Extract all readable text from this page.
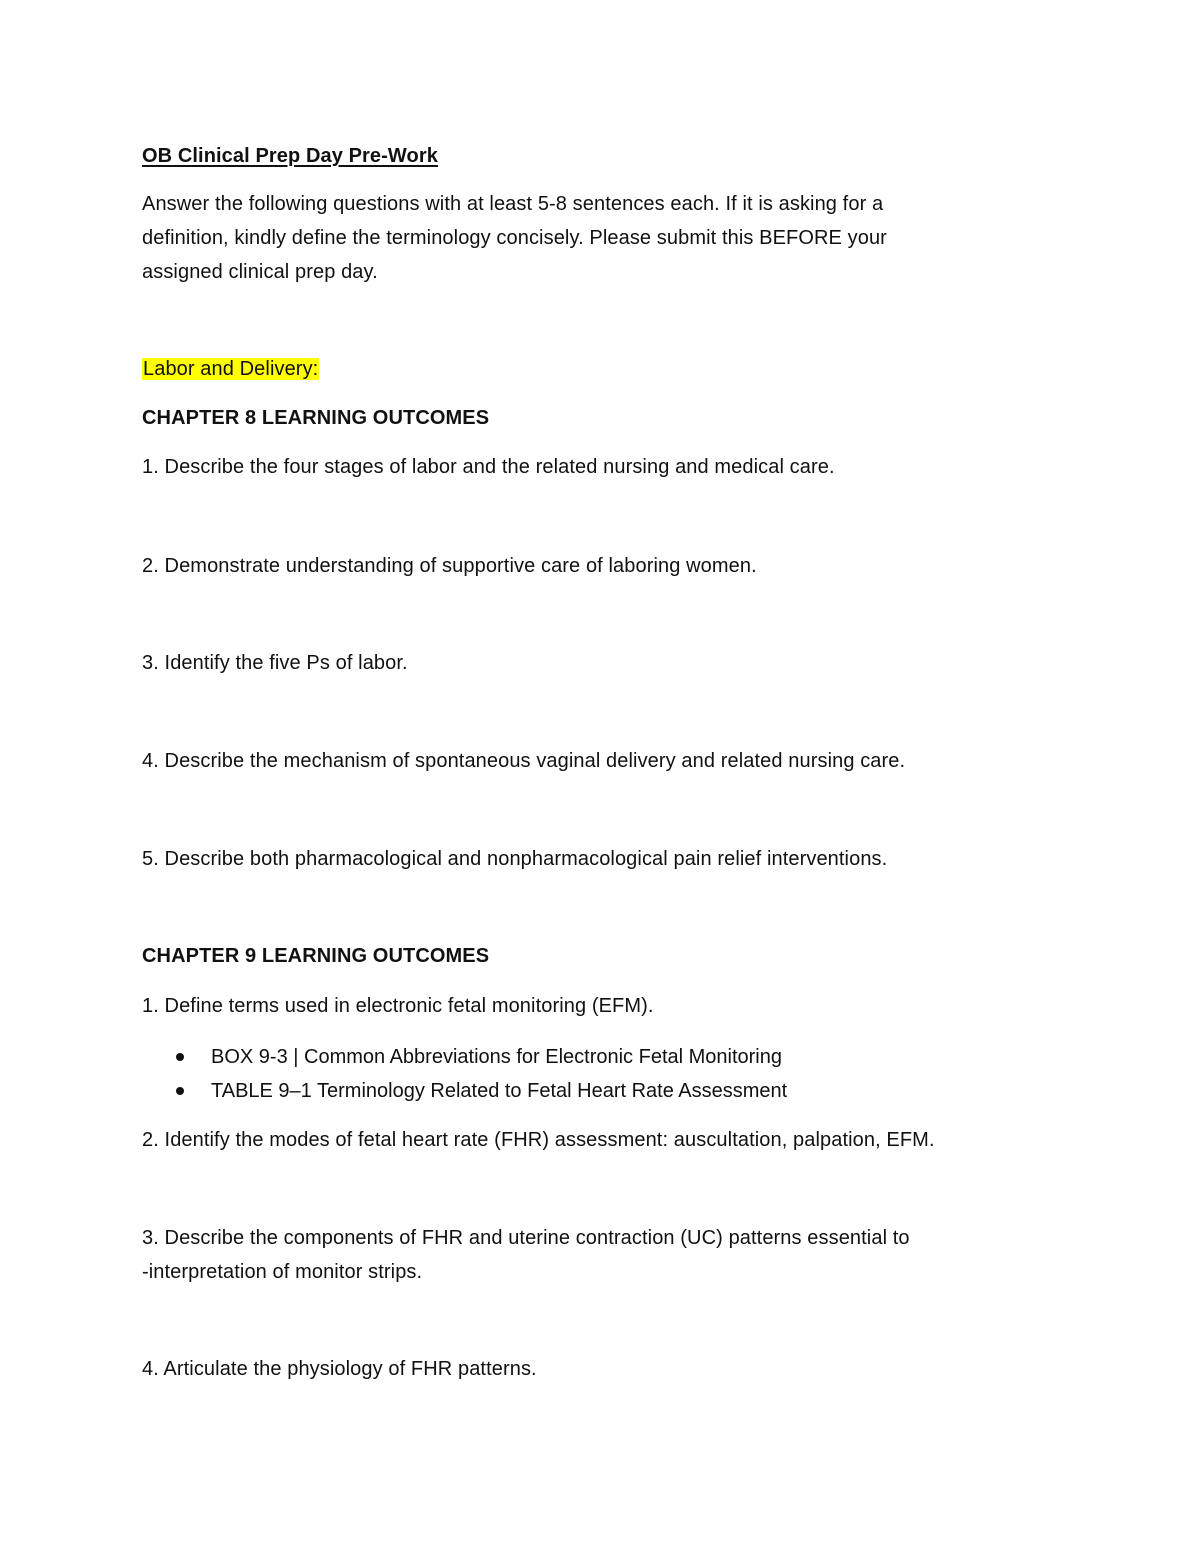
OB Clinical Prep Day Pre-Work
Answer the following questions with at least 5-8 sentences each. If it is asking for a
definition, kindly define the terminology concisely. Please submit this BEFORE your
assigned clinical prep day.
Labor and Delivery:
CHAPTER 8 LEARNING OUTCOMES
1. Describe the four stages of labor and the related nursing and medical care.
2. Demonstrate understanding of supportive care of laboring women.
3. Identify the five Ps of labor.
4. Describe the mechanism of spontaneous vaginal delivery and related nursing care.
5. Describe both pharmacological and nonpharmacological pain relief interventions.
CHAPTER 9 LEARNING OUTCOMES
1. Define terms used in electronic fetal monitoring (EFM).
BOX 9-3 | Common Abbreviations for Electronic Fetal Monitoring
TABLE 9–1 Terminology Related to Fetal Heart Rate Assessment
2. Identify the modes of fetal heart rate (FHR) assessment: auscultation, palpation, EFM.
3. Describe the components of FHR and uterine contraction (UC) patterns essential to
-interpretation of monitor strips.
4. Articulate the physiology of FHR patterns.
